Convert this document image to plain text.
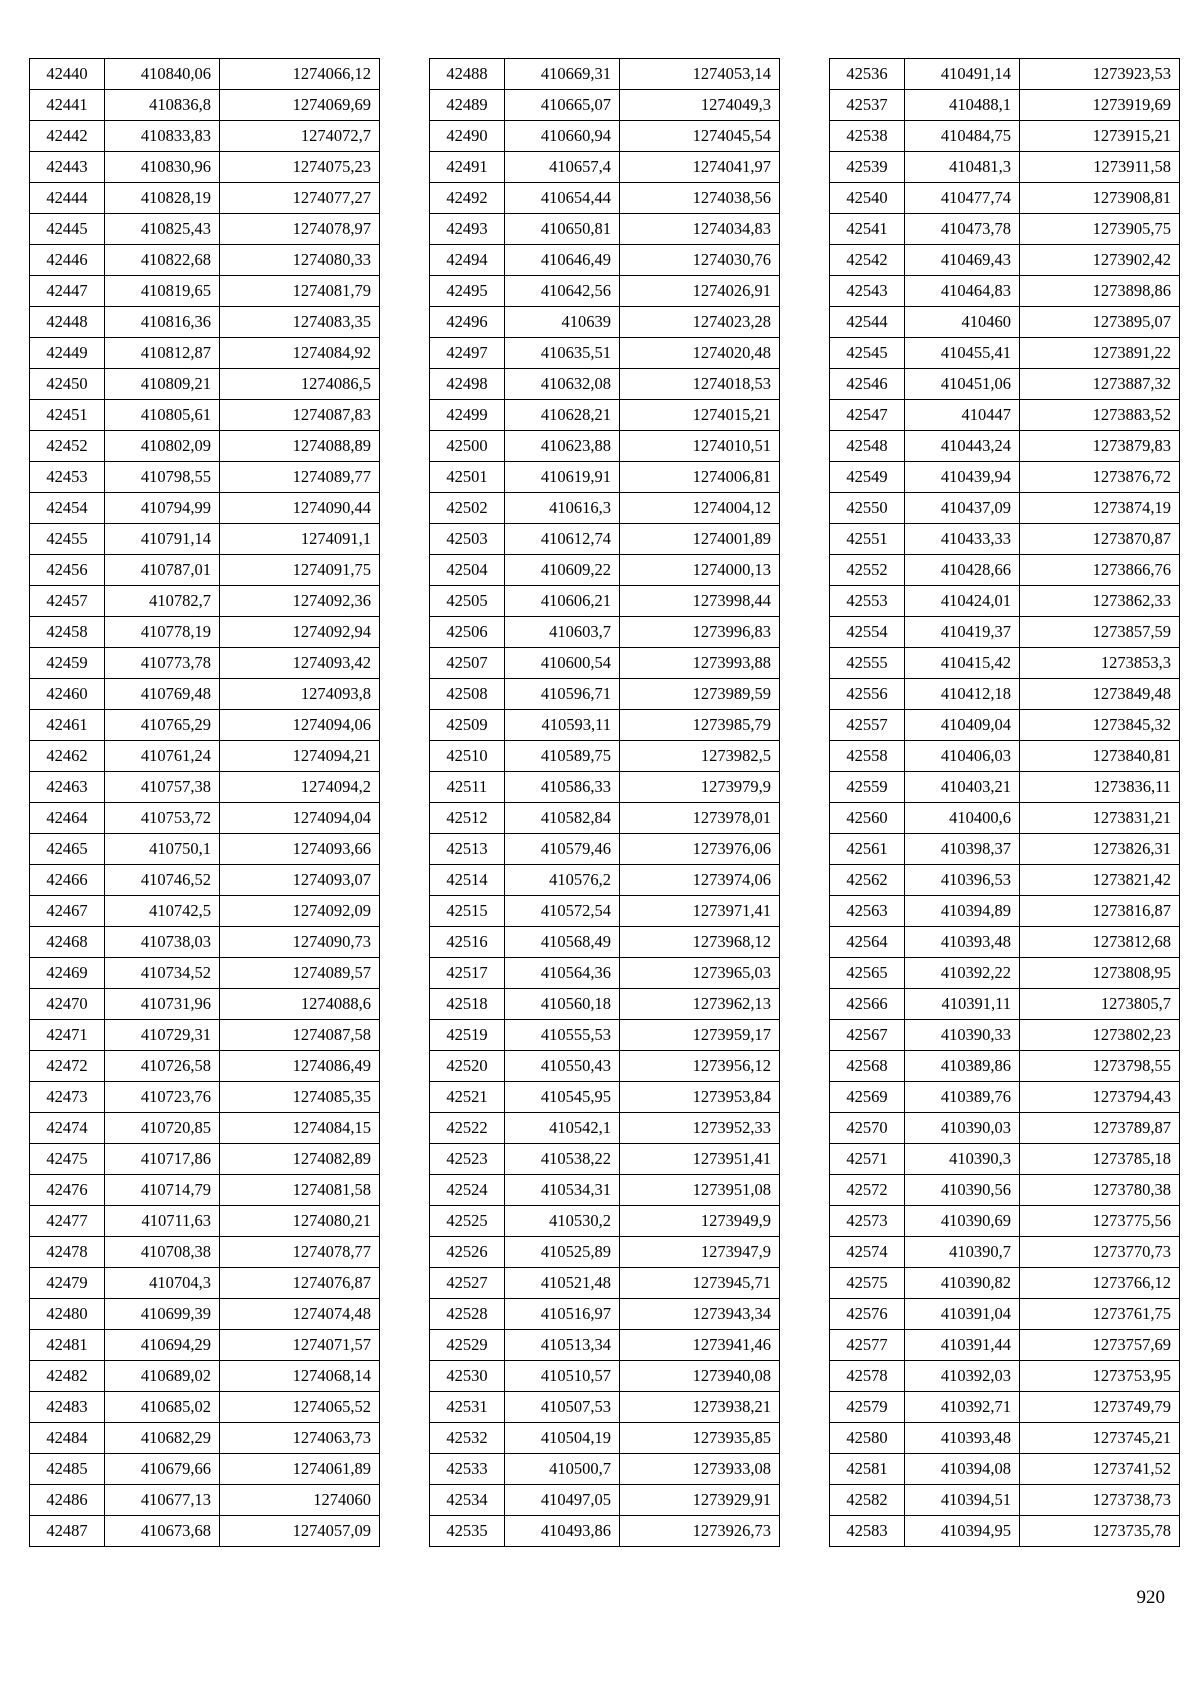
42440	410840,06	1274066,12
42441	410836,8	1274069,69
42442	410833,83	1274072,7
42443	410830,96	1274075,23
42444	410828,19	1274077,27
42445	410825,43	1274078,97
42446	410822,68	1274080,33
42447	410819,65	1274081,79
42448	410816,36	1274083,35
42449	410812,87	1274084,92
42450	410809,21	1274086,5
42451	410805,61	1274087,83
42452	410802,09	1274088,89
42453	410798,55	1274089,77
42454	410794,99	1274090,44
42455	410791,14	1274091,1
42456	410787,01	1274091,75
42457	410782,7	1274092,36
42458	410778,19	1274092,94
42459	410773,78	1274093,42
42460	410769,48	1274093,8
42461	410765,29	1274094,06
42462	410761,24	1274094,21
42463	410757,38	1274094,2
42464	410753,72	1274094,04
42465	410750,1	1274093,66
42466	410746,52	1274093,07
42467	410742,5	1274092,09
42468	410738,03	1274090,73
42469	410734,52	1274089,57
42470	410731,96	1274088,6
42471	410729,31	1274087,58
42472	410726,58	1274086,49
42473	410723,76	1274085,35
42474	410720,85	1274084,15
42475	410717,86	1274082,89
42476	410714,79	1274081,58
42477	410711,63	1274080,21
42478	410708,38	1274078,77
42479	410704,3	1274076,87
42480	410699,39	1274074,48
42481	410694,29	1274071,57
42482	410689,02	1274068,14
42483	410685,02	1274065,52
42484	410682,29	1274063,73
42485	410679,66	1274061,89
42486	410677,13	1274060
42487	410673,68	1274057,09
42488	410669,31	1274053,14
42489	410665,07	1274049,3
42490	410660,94	1274045,54
42491	410657,4	1274041,97
42492	410654,44	1274038,56
42493	410650,81	1274034,83
42494	410646,49	1274030,76
42495	410642,56	1274026,91
42496	410639	1274023,28
42497	410635,51	1274020,48
42498	410632,08	1274018,53
42499	410628,21	1274015,21
42500	410623,88	1274010,51
42501	410619,91	1274006,81
42502	410616,3	1274004,12
42503	410612,74	1274001,89
42504	410609,22	1274000,13
42505	410606,21	1273998,44
42506	410603,7	1273996,83
42507	410600,54	1273993,88
42508	410596,71	1273989,59
42509	410593,11	1273985,79
42510	410589,75	1273982,5
42511	410586,33	1273979,9
42512	410582,84	1273978,01
42513	410579,46	1273976,06
42514	410576,2	1273974,06
42515	410572,54	1273971,41
42516	410568,49	1273968,12
42517	410564,36	1273965,03
42518	410560,18	1273962,13
42519	410555,53	1273959,17
42520	410550,43	1273956,12
42521	410545,95	1273953,84
42522	410542,1	1273952,33
42523	410538,22	1273951,41
42524	410534,31	1273951,08
42525	410530,2	1273949,9
42526	410525,89	1273947,9
42527	410521,48	1273945,71
42528	410516,97	1273943,34
42529	410513,34	1273941,46
42530	410510,57	1273940,08
42531	410507,53	1273938,21
42532	410504,19	1273935,85
42533	410500,7	1273933,08
42534	410497,05	1273929,91
42535	410493,86	1273926,73
42536	410491,14	1273923,53
42537	410488,1	1273919,69
42538	410484,75	1273915,21
42539	410481,3	1273911,58
42540	410477,74	1273908,81
42541	410473,78	1273905,75
42542	410469,43	1273902,42
42543	410464,83	1273898,86
42544	410460	1273895,07
42545	410455,41	1273891,22
42546	410451,06	1273887,32
42547	410447	1273883,52
42548	410443,24	1273879,83
42549	410439,94	1273876,72
42550	410437,09	1273874,19
42551	410433,33	1273870,87
42552	410428,66	1273866,76
42553	410424,01	1273862,33
42554	410419,37	1273857,59
42555	410415,42	1273853,3
42556	410412,18	1273849,48
42557	410409,04	1273845,32
42558	410406,03	1273840,81
42559	410403,21	1273836,11
42560	410400,6	1273831,21
42561	410398,37	1273826,31
42562	410396,53	1273821,42
42563	410394,89	1273816,87
42564	410393,48	1273812,68
42565	410392,22	1273808,95
42566	410391,11	1273805,7
42567	410390,33	1273802,23
42568	410389,86	1273798,55
42569	410389,76	1273794,43
42570	410390,03	1273789,87
42571	410390,3	1273785,18
42572	410390,56	1273780,38
42573	410390,69	1273775,56
42574	410390,7	1273770,73
42575	410390,82	1273766,12
42576	410391,04	1273761,75
42577	410391,44	1273757,69
42578	410392,03	1273753,95
42579	410392,71	1273749,79
42580	410393,48	1273745,21
42581	410394,08	1273741,52
42582	410394,51	1273738,73
42583	410394,95	1273735,78
920
